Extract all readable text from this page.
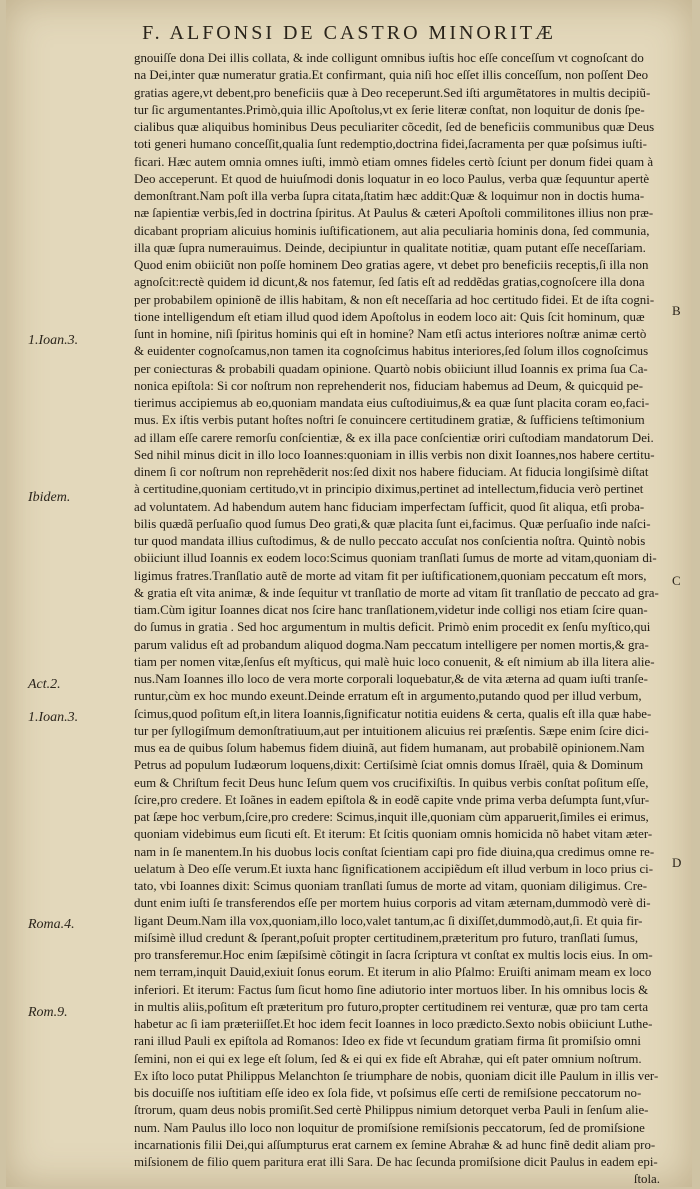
F. ALFONSI DE CASTRO MINORITÆ
1.Ioan.3.
Ibidem.
Act.2.
1.Ioan.3.
Roma.4.
Rom.9.
B
C
D
gnouiſſe dona Dei illis collata, & inde colligunt omnibus iuſtis hoc eſſe conceſſum vt cognoſcant do
na Dei,inter quæ numeratur gratia.Et confirmant, quia niſi hoc eſſet illis conceſſum, non poſſent Deo
gratias agere,vt debent,pro beneficiis quæ à Deo receperunt.Sed iſti argumẽtatores in multis decipiũ-
tur ſic argumentantes.Primò,quia illic Apoſtolus,vt ex ſerie literæ conſtat, non loquitur de donis ſpe-
cialibus quæ aliquibus hominibus Deus peculiariter cõcedit, ſed de beneficiis communibus quæ Deus
toti generi humano conceſſit,qualia ſunt redemptio,doctrina fidei,ſacramenta per quæ poſsimus iuſti-
ficari. Hæc autem omnia omnes iuſti, immò etiam omnes fideles certò ſciunt per donum fidei quam à
Deo acceperunt. Et quod de huiuſmodi donis loquatur in eo loco Paulus, verba quæ ſequuntur apertè
demonſtrant.Nam poſt illa verba ſupra citata,ſtatim hæc addit:Quæ & loquimur non in doctis huma-
næ ſapientiæ verbis,ſed in doctrina ſpiritus. At Paulus & cæteri Apoſtoli commilitones illius non præ-
dicabant propriam alicuius hominis iuſtificationem, aut alia peculiaria hominis dona, ſed communia,
illa quæ ſupra numerauimus. Deinde, decipiuntur in qualitate notitiæ, quam putant eſſe neceſſariam.
Quod enim obiiciũt non poſſe hominem Deo gratias agere, vt debet pro beneficiis receptis,ſi illa non
agnoſcit:rectè quidem id dicunt,& nos fatemur, ſed ſatis eſt ad reddẽdas gratias,cognoſcere illa dona
per probabilem opinionẽ de illis habitam, & non eſt neceſſaria ad hoc certitudo fidei. Et de iſta cogni-
tione intelligendum eſt etiam illud quod idem Apoſtolus in eodem loco ait: Quis ſcit hominum, quæ
ſunt in homine, niſi ſpiritus hominis qui eſt in homine? Nam etſi actus interiores noſtræ animæ certò
& euidenter cognoſcamus,non tamen ita cognoſcimus habitus interiores,ſed ſolum illos cognoſcimus
per coniecturas & probabili quadam opinione. Quartò nobis obiiciunt illud Ioannis ex prima ſua Ca-
nonica epiſtola: Si cor noſtrum non reprehenderit nos, fiduciam habemus ad Deum, & quicquid pe-
tierimus accipiemus ab eo,quoniam mandata eius cuſtodiuimus,& ea quæ ſunt placita coram eo,faci-
mus. Ex iſtis verbis putant hoſtes noſtri ſe conuincere certitudinem gratiæ, & ſufficiens teſtimonium
ad illam eſſe carere remorſu conſcientiæ, & ex illa pace conſcientiæ oriri cuſtodiam mandatorum Dei.
Sed nihil minus dicit in illo loco Ioannes:quoniam in illis verbis non dixit Ioannes,nos habere certitu-
dinem ſi cor noſtrum non reprehẽderit nos:ſed dixit nos habere fiduciam. At fiducia longiſsimè diſtat
à certitudine,quoniam certitudo,vt in principio diximus,pertinet ad intellectum,fiducia verò pertinet
ad voluntatem. Ad habendum autem hanc fiduciam imperfectam ſufficit, quod ſit aliqua, etſi proba-
bilis quædã perſuaſio quod ſumus Deo grati,& quæ placita ſunt ei,facimus. Quæ perſuaſio inde naſci-
tur quod mandata illius cuſtodimus, & de nullo peccato accuſat nos conſcientia noſtra. Quintò nobis
obiiciunt illud Ioannis ex eodem loco:Scimus quoniam tranſlati ſumus de morte ad vitam,quoniam di-
ligimus fratres.Tranſlatio autẽ de morte ad vitam fit per iuſtificationem,quoniam peccatum eſt mors,
& gratia eſt vita animæ, & inde ſequitur vt tranſlatio de morte ad vitam ſit tranſlatio de peccato ad gra-
tiam.Cùm igitur Ioannes dicat nos ſcire hanc tranſlationem,videtur inde colligi nos etiam ſcire quan-
do ſumus in gratia . Sed hoc argumentum in multis deficit. Primò enim procedit ex ſenſu myſtico,qui
parum validus eſt ad probandum aliquod dogma.Nam peccatum intelligere per nomen mortis,& gra-
tiam per nomen vitæ,ſenſus eſt myſticus, qui malè huic loco conuenit, & eſt nimium ab illa litera alie-
nus.Nam Ioannes illo loco de vera morte corporali loquebatur,& de vita æterna ad quam iuſti tranſe-
runtur,cùm ex hoc mundo exeunt.Deinde erratum eſt in argumento,putando quod per illud verbum,
ſcimus,quod poſitum eſt,in litera Ioannis,ſignificatur notitia euidens & certa, qualis eſt illa quæ habe-
tur per ſyllogiſmum demonſtratiuum,aut per intuitionem alicuius rei præſentis. Sæpe enim ſcire dici-
mus ea de quibus ſolum habemus fidem diuinã, aut fidem humanam, aut probabilẽ opinionem.Nam
Petrus ad populum Iudæorum loquens,dixit: Certiſsimè ſciat omnis domus Iſraël, quia & Dominum
eum & Chriſtum fecit Deus hunc Ieſum quem vos crucifixiſtis. In quibus verbis conſtat poſitum eſſe,
ſcire,pro credere. Et Ioãnes in eadem epiſtola & in eodẽ capite vnde prima verba deſumpta ſunt,vſur-
pat ſæpe hoc verbum,ſcire,pro credere: Scimus,inquit ille,quoniam cùm apparuerit,ſimiles ei erimus,
quoniam videbimus eum ſicuti eſt. Et iterum: Et ſcitis quoniam omnis homicida nõ habet vitam æter-
nam in ſe manentem.In his duobus locis conſtat ſcientiam capi pro fide diuina,qua credimus omne re-
uelatum à Deo eſſe verum.Et iuxta hanc ſignificationem accipiẽdum eſt illud verbum in loco prius ci-
tato, vbi Ioannes dixit: Scimus quoniam tranſlati ſumus de morte ad vitam, quoniam diligimus. Cre-
dunt enim iuſti ſe transferendos eſſe per mortem huius corporis ad vitam æternam,dummodò verè di-
ligant Deum.Nam illa vox,quoniam,illo loco,valet tantum,ac ſi dixiſſet,dummodò,aut,ſi. Et quia fir-
miſsimè illud credunt & ſperant,poſuit propter certitudinem,præteritum pro futuro, tranſlati ſumus,
pro transferemur.Hoc enim ſæpiſsimè cõtingit in ſacra ſcriptura vt conſtat ex multis locis eius. In om-
nem terram,inquit Dauid,exiuit ſonus eorum. Et iterum in alio Pſalmo: Eruiſti animam meam ex loco
inferiori. Et iterum: Factus ſum ſicut homo ſine adiutorio inter mortuos liber. In his omnibus locis &
in multis aliis,poſitum eſt præteritum pro futuro,propter certitudinem rei venturæ, quæ pro tam certa
habetur ac ſi iam præteriiſſet.Et hoc idem fecit Ioannes in loco prædicto.Sexto nobis obiiciunt Luthe-
rani illud Pauli ex epiſtola ad Romanos: Ideo ex fide vt ſecundum gratiam firma ſit promiſsio omni
ſemini, non ei qui ex lege eſt ſolum, ſed & ei qui ex fide eſt Abrahæ, qui eſt pater omnium noſtrum.
Ex iſto loco putat Philippus Melanchton ſe triumphare de nobis, quoniam dicit ille Paulum in illis ver-
bis docuiſſe nos iuſtitiam eſſe ideo ex ſola fide, vt poſsimus eſſe certi de remiſsione peccatorum no-
ſtrorum, quam deus nobis promiſit.Sed certè Philippus nimium detorquet verba Pauli in ſenſum alie-
num. Nam Paulus illo loco non loquitur de promiſsione remiſsionis peccatorum, ſed de promiſsione
incarnationis filii Dei,qui aſſumpturus erat carnem ex ſemine Abrahæ & ad hunc finẽ dedit aliam pro-
miſsionem de filio quem paritura erat illi Sara. De hac ſecunda promiſsione dicit Paulus in eadem epi-
ſtola.
